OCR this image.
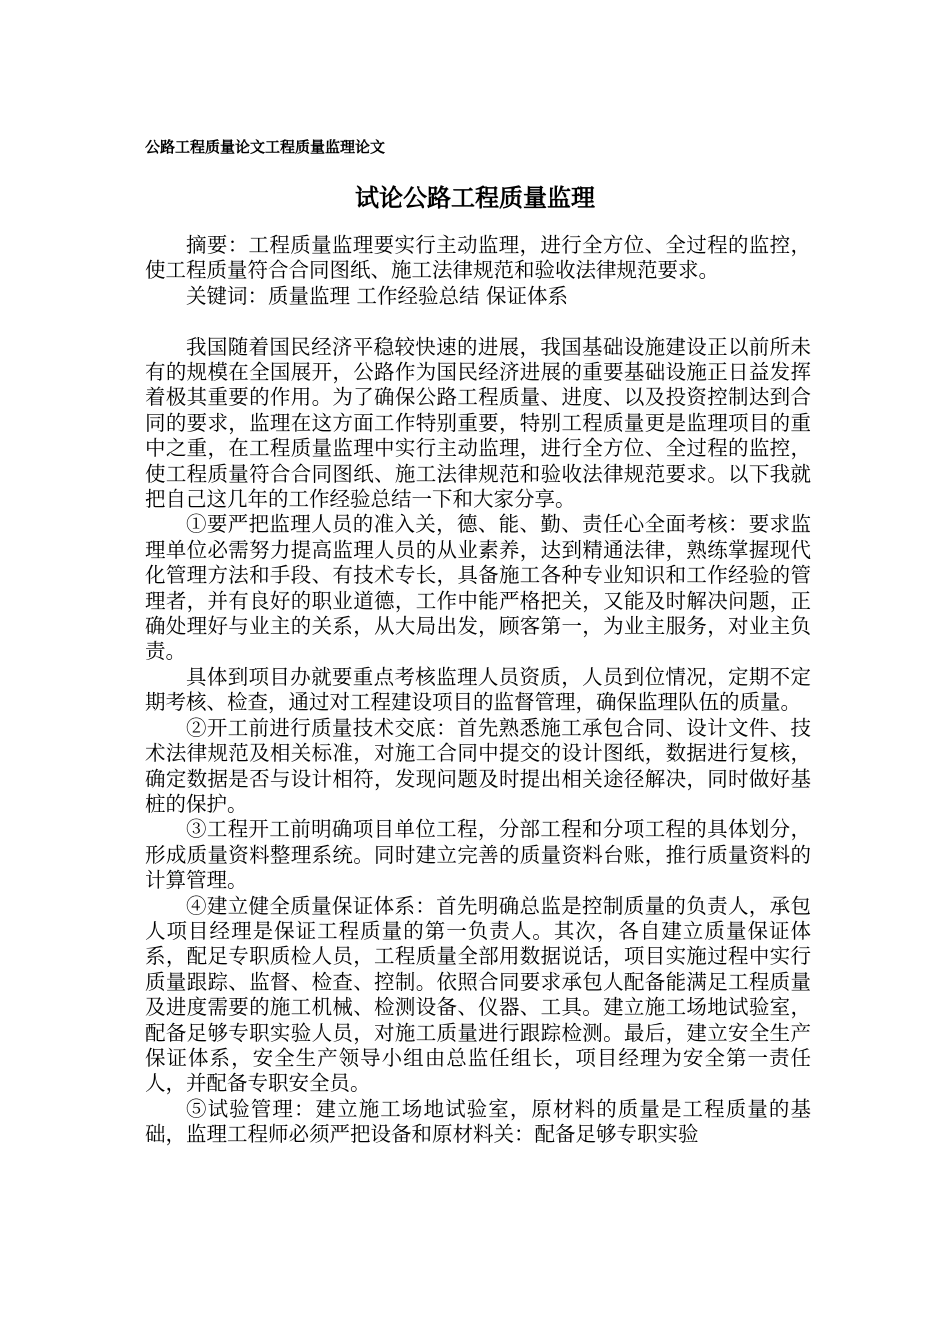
公路工程质量论文工程质量监理论文
试论公路工程质量监理

摘要：工程质量监理要实行主动监理，进行全方位、全过程的监控，使工程质量符合合同图纸、施工法律规范和验收法律规范要求。

关键词：质量监理 工作经验总结 保证体系

我国随着国民经济平稳较快速的进展，我国基础设施建设正以前所未有的规模在全国展开，公路作为国民经济进展的重要基础设施正日益发挥着极其重要的作用。为了确保公路工程质量、进度、以及投资控制达到合同的要求，监理在这方面工作特别重要，特别工程质量更是监理项目的重中之重，在工程质量监理中实行主动监理，进行全方位、全过程的监控，使工程质量符合合同图纸、施工法律规范和验收法律规范要求。以下我就把自己这几年的工作经验总结一下和大家分享。

①要严把监理人员的准入关，德、能、勤、责任心全面考核：要求监理单位必需努力提高监理人员的从业素养，达到精通法律，熟练掌握现代化管理方法和手段、有技术专长，具备施工各种专业知识和工作经验的管理者，并有良好的职业道德，工作中能严格把关，又能及时解决问题，正确处理好与业主的关系，从大局出发，顾客第一，为业主服务，对业主负责。

具体到项目办就要重点考核监理人员资质，人员到位情况，定期不定期考核、检查，通过对工程建设项目的监督管理，确保监理队伍的质量。

②开工前进行质量技术交底：首先熟悉施工承包合同、设计文件、技术法律规范及相关标准，对施工合同中提交的设计图纸，数据进行复核，确定数据是否与设计相符，发现问题及时提出相关途径解决，同时做好基桩的保护。

③工程开工前明确项目单位工程，分部工程和分项工程的具体划分，形成质量资料整理系统。同时建立完善的质量资料台账，推行质量资料的计算管理。

④建立健全质量保证体系：首先明确总监是控制质量的负责人，承包人项目经理是保证工程质量的第一负责人。其次，各自建立质量保证体系，配足专职质检人员，工程质量全部用数据说话，项目实施过程中实行质量跟踪、监督、检查、控制。依照合同要求承包人配备能满足工程质量及进度需要的施工机械、检测设备、仪器、工具。建立施工场地试验室，配备足够专职实验人员，对施工质量进行跟踪检测。最后，建立安全生产保证体系，安全生产领导小组由总监任组长，项目经理为安全第一责任人，并配备专职安全员。

⑤试验管理：建立施工场地试验室，原材料的质量是工程质量的基础，监理工程师必须严把设备和原材料关：配备足够专职实验
